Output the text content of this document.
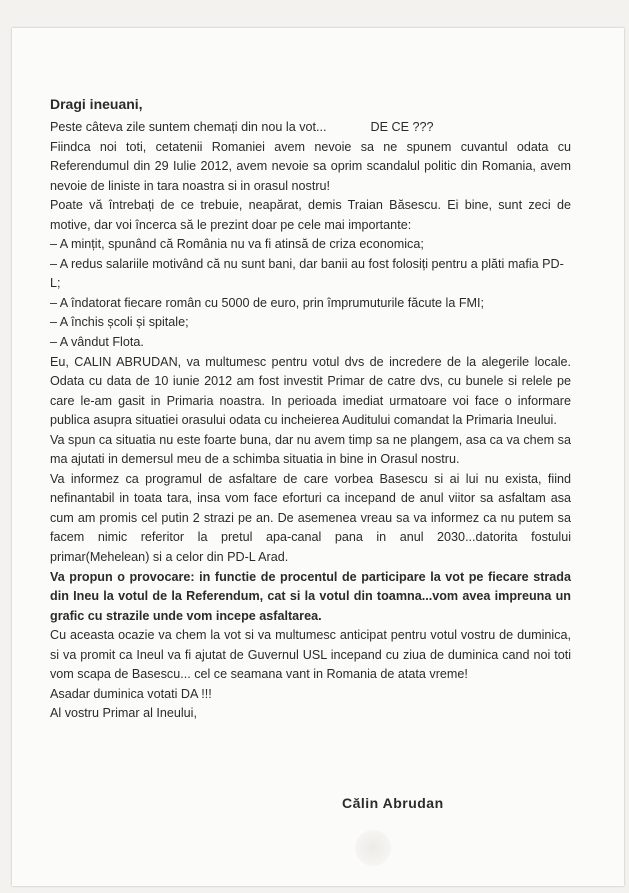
Dragi ineuani,

Peste câteva zile suntem chemați din nou la vot...	DE CE ???

Fiindca noi toti, cetatenii Romaniei avem nevoie sa ne spunem cuvantul odata cu Referendumul din 29 Iulie 2012, avem nevoie sa oprim scandalul politic din Romania, avem nevoie de liniste in tara noastra si in orasul nostru!

Poate vă întrebați de ce trebuie, neapărat, demis Traian Băsescu. Ei bine, sunt zeci de motive, dar voi încerca să le prezint doar pe cele mai importante:

– A mințit, spunând că România nu va fi atinsă de criza economica;

– A redus salariile motivând că nu sunt bani, dar banii au fost folosiți pentru a plăti mafia PD-L;

– A îndatorat fiecare român cu 5000 de euro, prin împrumuturile făcute la FMI;

– A închis școli și spitale;

– A vândut Flota.

Eu, CALIN ABRUDAN, va multumesc pentru votul dvs de incredere de la alegerile locale. Odata cu data de 10 iunie 2012 am fost investit Primar de catre dvs, cu bunele si relele pe care le-am gasit in Primaria noastra. In perioada imediat urmatoare voi face o informare publica asupra situatiei orasului odata cu incheierea Auditului comandat la Primaria Ineului.

Va spun ca situatia nu este foarte buna, dar nu avem timp sa ne plangem, asa ca va chem sa ma ajutati in demersul meu de a schimba situatia in bine in Orasul nostru.

Va informez ca programul de asfaltare de care vorbea Basescu si ai lui nu exista, fiind nefinantabil in toata tara, insa vom face eforturi ca incepand de anul viitor sa asfaltam asa cum am promis cel putin 2 strazi pe an. De asemenea vreau sa va informez ca nu putem sa facem nimic referitor la pretul apa-canal pana in anul 2030...datorita fostului primar(Mehelean) si a celor din PD-L Arad.

Va propun o provocare: in functie de procentul de participare la vot pe fiecare strada din Ineu la votul de la Referendum, cat si la votul din toamna...vom avea impreuna un grafic cu strazile unde vom incepe asfaltarea.

Cu aceasta ocazie va chem la vot si va multumesc anticipat pentru votul vostru de duminica, si va promit ca Ineul va fi ajutat de Guvernul USL incepand cu ziua de duminica cand noi toti vom scapa de Basescu... cel ce seamana vant in Romania de atata vreme!

Asadar duminica votati DA !!!

Al vostru Primar al Ineului,

Călin Abrudan
